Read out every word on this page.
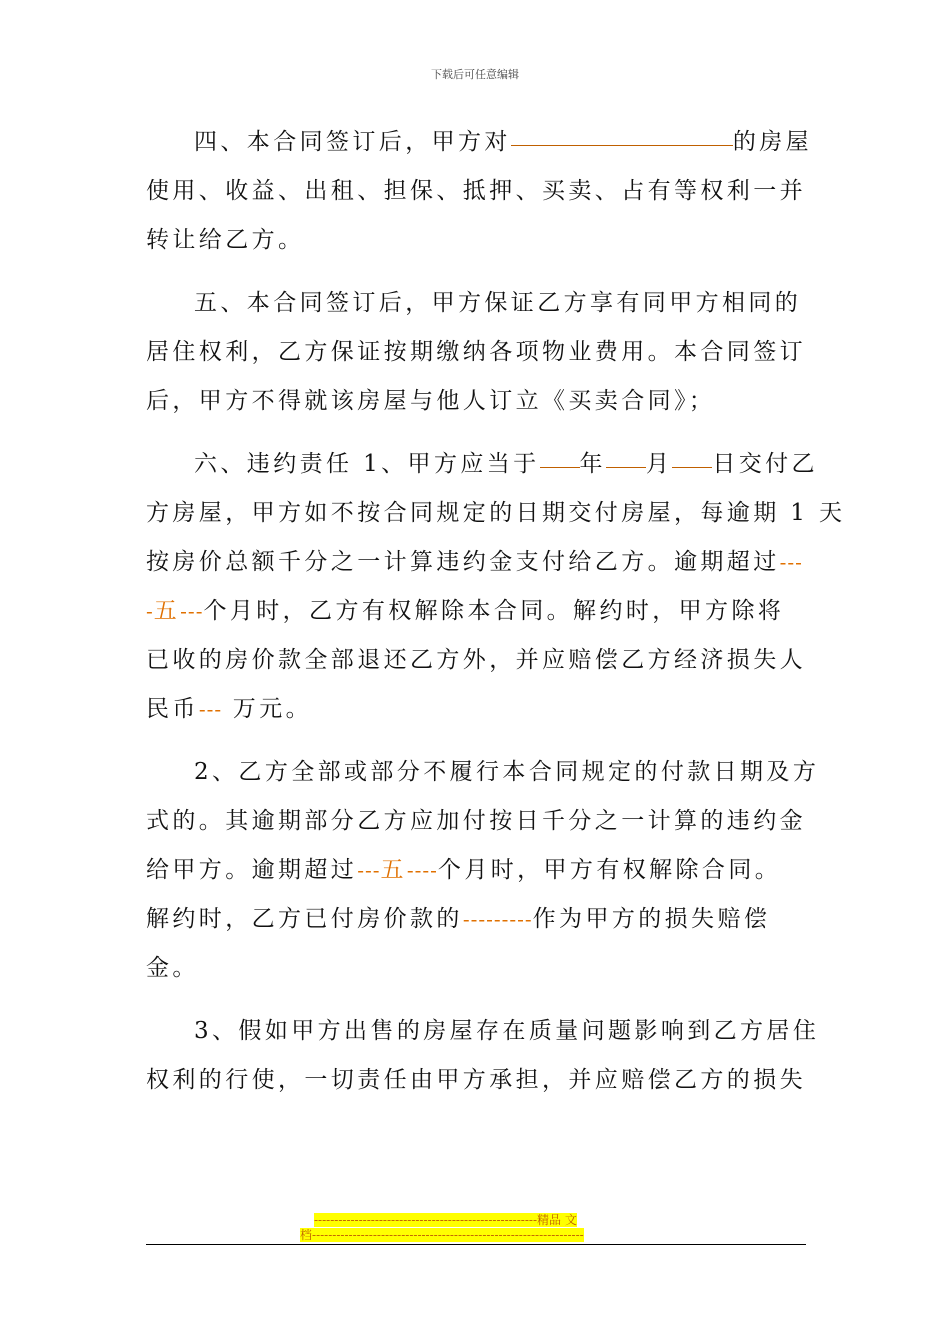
下载后可任意编辑
四、本合同签订后，甲方对	的房屋
使用、收益、出租、担保、抵押、买卖、占有等权利一并
转让给乙方。
五、本合同签订后，甲方保证乙方享有同甲方相同的
居住权利，乙方保证按期缴纳各项物业费用。本合同签订
后，甲方不得就该房屋与他人订立《买卖合同》；
六、违约责任 1、甲方应当于 年 月 日交付乙
方房屋，甲方如不按合同规定的日期交付房屋，每逾期 1 天
按房价总额千分之一计算违约金支付给乙方。逾期超过---
-五---个月时，乙方有权解除本合同。解约时，甲方除将
已收的房价款全部退还乙方外，并应赔偿乙方经济损失人
民币--- 万元。
2、乙方全部或部分不履行本合同规定的付款日期及方
式的。其逾期部分乙方应加付按日千分之一计算的违约金
给甲方。逾期超过---五----个月时，甲方有权解除合同。
解约时，乙方已付房价款的---------作为甲方的损失赔偿
金。
3、假如甲方出售的房屋存在质量问题影响到乙方居住
权利的行使，一切责任由甲方承担，并应赔偿乙方的损失
-------------------------------------------------------精品 文
档-------------------------------------------------------------------
